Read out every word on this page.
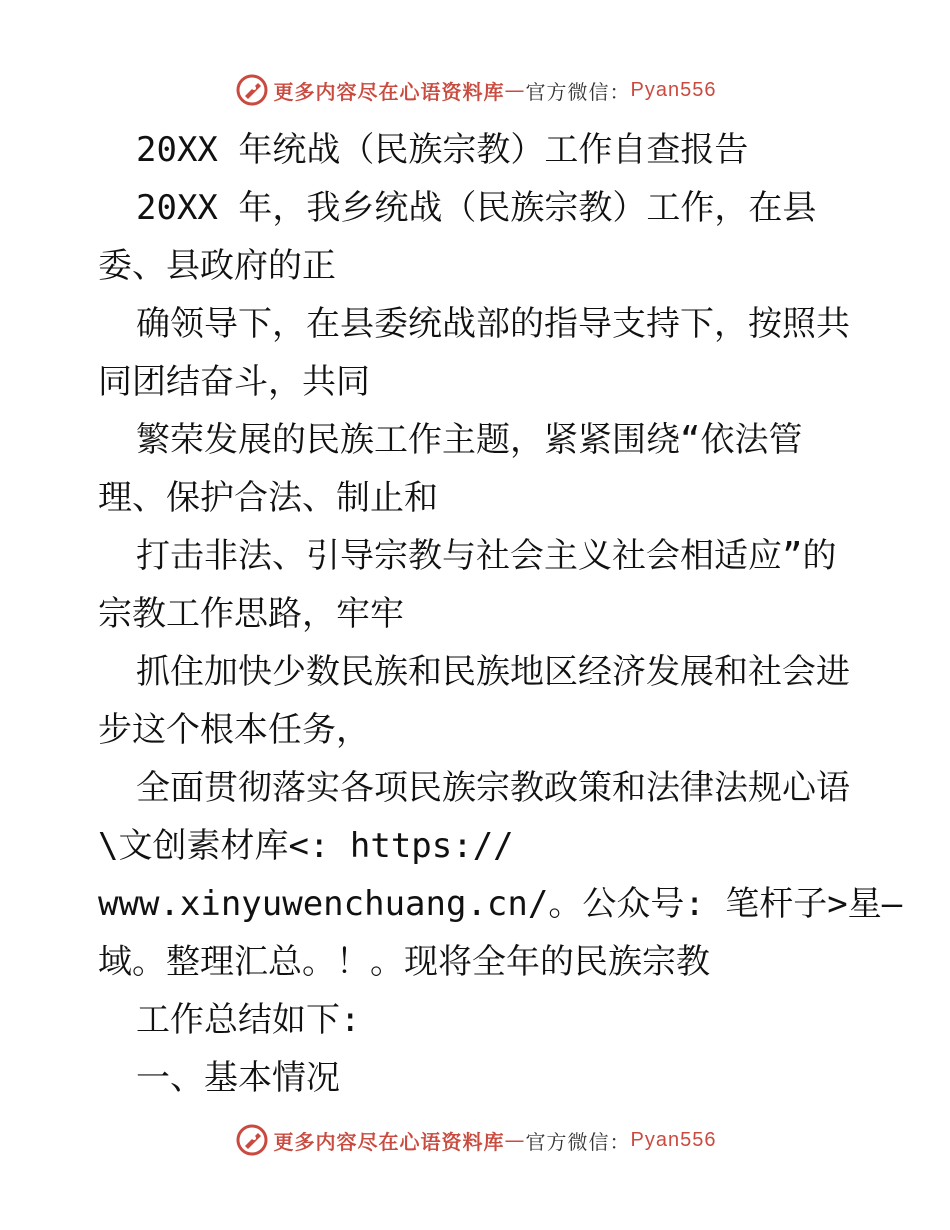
更多内容尽在心语资料库 — 官方微信： Pyan556
20XX 年统战（民族宗教）工作自查报告
20XX 年，我乡统战（民族宗教）工作，在县
委、县政府的正
确领导下，在县委统战部的指导支持下，按照共
同团结奋斗，共同
繁荣发展的民族工作主题，紧紧围绕“依法管
理、保护合法、制止和
打击非法、引导宗教与社会主义社会相适应”的
宗教工作思路，牢牢
抓住加快少数民族和民族地区经济发展和社会进
步这个根本任务，
全面贯彻落实各项民族宗教政策和法律法规心语
\文创素材库<: https://
www.xinyuwenchuang.cn/。公众号: 笔杆子>星—
域。整理汇总。！。现将全年的民族宗教
工作总结如下:
一、基本情况
更多内容尽在心语资料库 — 官方微信： Pyan556
